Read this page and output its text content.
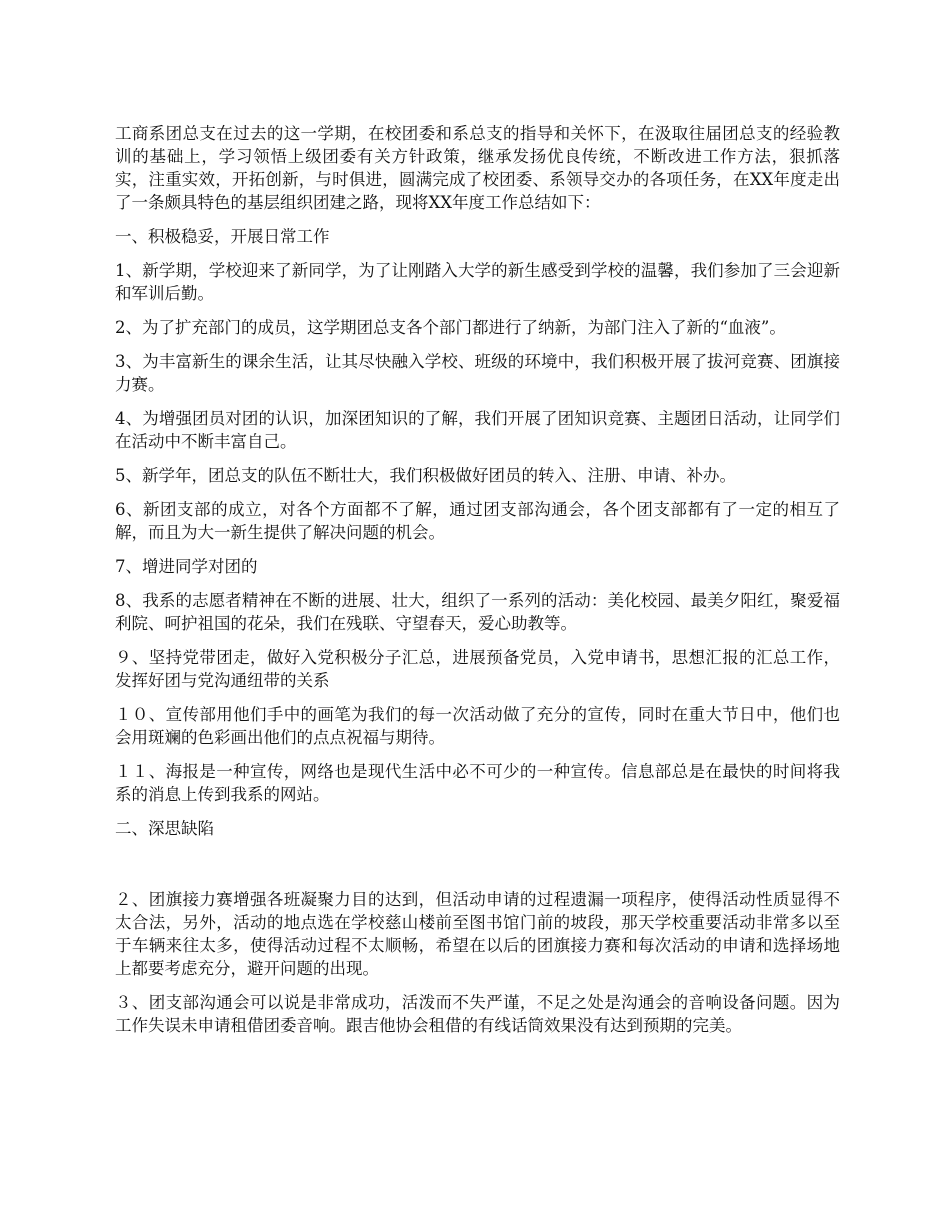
工商系团总支在过去的这一学期，在校团委和系总支的指导和关怀下，在汲取往届团总支的经验教训的基础上，学习领悟上级团委有关方针政策，继承发扬优良传统，不断改进工作方法，狠抓落实，注重实效，开拓创新，与时俱进，圆满完成了校团委、系领导交办的各项任务，在XX年度走出了一条颇具特色的基层组织团建之路，现将XX年度工作总结如下：

一、积极稳妥，开展日常工作

1、新学期，学校迎来了新同学，为了让刚踏入大学的新生感受到学校的温馨，我们参加了三会迎新和军训后勤。

2、为了扩充部门的成员，这学期团总支各个部门都进行了纳新，为部门注入了新的“血液”。

3、为丰富新生的课余生活，让其尽快融入学校、班级的环境中，我们积极开展了拔河竞赛、团旗接力赛。

4、为增强团员对团的认识，加深团知识的了解，我们开展了团知识竞赛、主题团日活动，让同学们在活动中不断丰富自己。

5、新学年，团总支的队伍不断壮大，我们积极做好团员的转入、注册、申请、补办。

6、新团支部的成立，对各个方面都不了解，通过团支部沟通会，各个团支部都有了一定的相互了解，而且为大一新生提供了解决问题的机会。

7、增进同学对团的

8、我系的志愿者精神在不断的进展、壮大，组织了一系列的活动：美化校园、最美夕阳红，聚爱福利院、呵护祖国的花朵，我们在残联、守望春天，爱心助教等。

９、坚持党带团走，做好入党积极分子汇总，进展预备党员，入党申请书，思想汇报的汇总工作，发挥好团与党沟通纽带的关系

１０、宣传部用他们手中的画笔为我们的每一次活动做了充分的宣传，同时在重大节日中，他们也会用斑斓的色彩画出他们的点点祝福与期待。

１１、海报是一种宣传，网络也是现代生活中必不可少的一种宣传。信息部总是在最快的时间将我系的消息上传到我系的网站。

二、深思缺陷

２、团旗接力赛增强各班凝聚力目的达到，但活动申请的过程遗漏一项程序，使得活动性质显得不太合法，另外，活动的地点选在学校慈山楼前至图书馆门前的坡段，那天学校重要活动非常多以至于车辆来往太多，使得活动过程不太顺畅，希望在以后的团旗接力赛和每次活动的申请和选择场地上都要考虑充分，避开问题的出现。

３、团支部沟通会可以说是非常成功，活泼而不失严谨，不足之处是沟通会的音响设备问题。因为工作失误未申请租借团委音响。跟吉他协会租借的有线话筒效果没有达到预期的完美。
